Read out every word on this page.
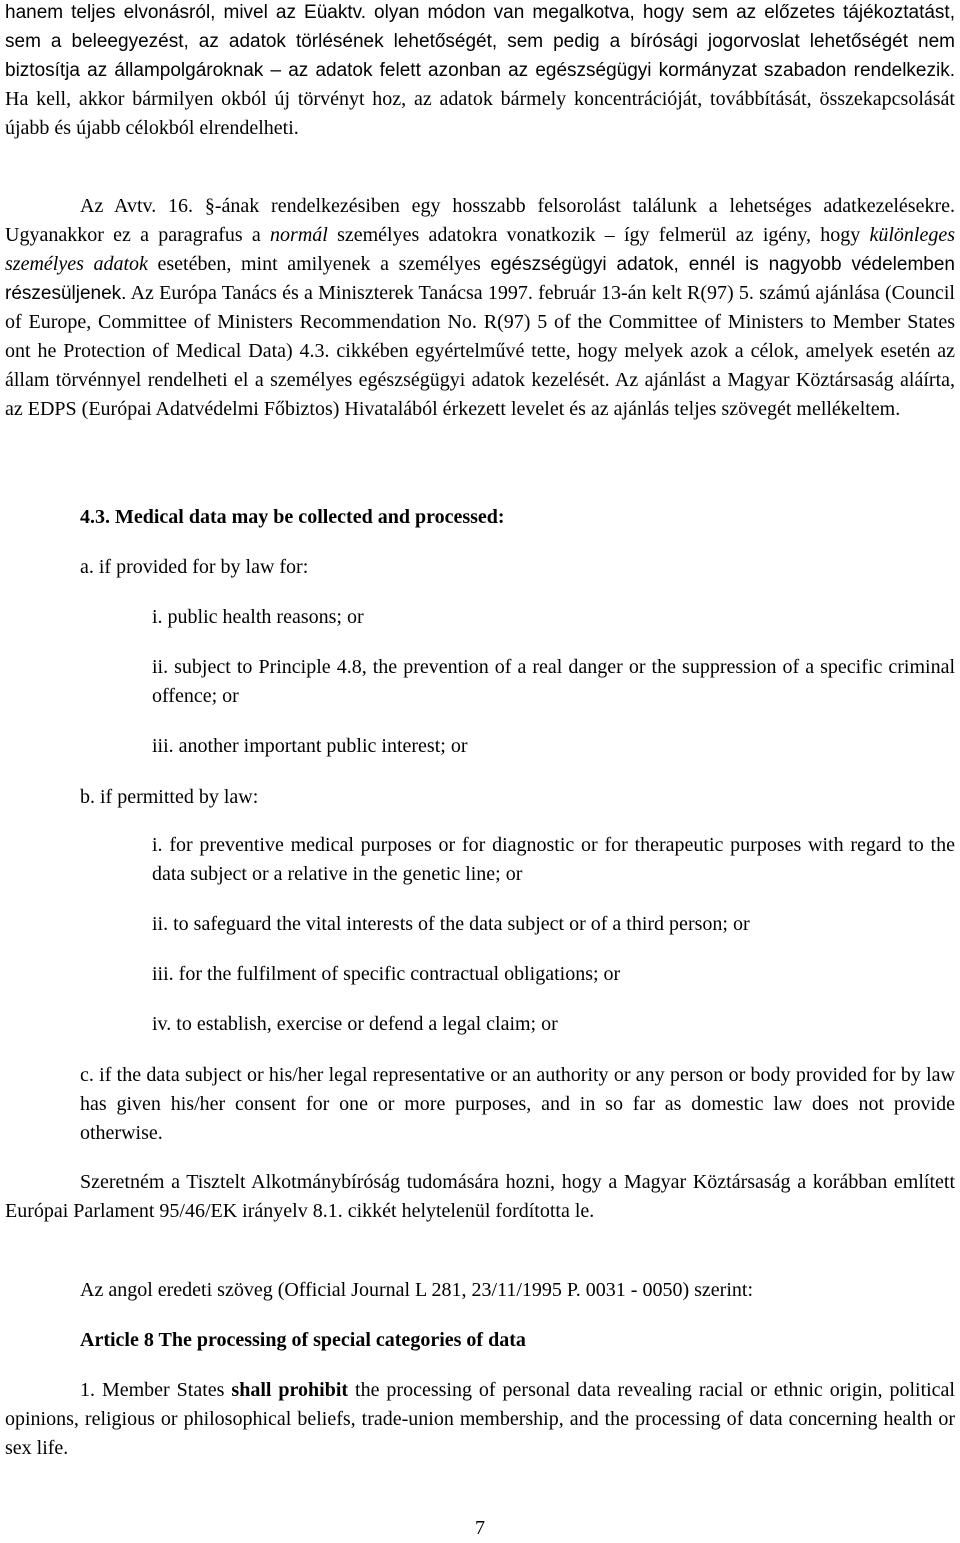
hanem teljes elvonásról, mivel az Eüaktv. olyan módon van megalkotva, hogy sem az előzetes tájékoztatást, sem a beleegyezést, az adatok törlésének lehetőségét, sem pedig a bírósági jogorvoslat lehetőségét nem biztosítja az állampolgároknak – az adatok felett azonban az egészségügyi kormányzat szabadon rendelkezik. Ha kell, akkor bármilyen okból új törvényt hoz, az adatok bármely koncentrációját, továbbítását, összekapcsolását újabb és újabb célokból elrendelheti.

Az Avtv. 16. §-ának rendelkezésiben egy hosszabb felsorolást találunk a lehetséges adatkezelésekre. Ugyanakkor ez a paragrafus a normál személyes adatokra vonatkozik – így felmerül az igény, hogy különleges személyes adatok esetében, mint amilyenek a személyes egészségügyi adatok, ennél is nagyobb védelemben részesüljenek. Az Európa Tanács és a Miniszterek Tanácsa 1997. február 13-án kelt R(97) 5. számú ajánlása (Council of Europe, Committee of Ministers Recommendation No. R(97) 5 of the Committee of Ministers to Member States ont he Protection of Medical Data) 4.3. cikkében egyértelművé tette, hogy melyek azok a célok, amelyek esetén az állam törvénnyel rendelheti el a személyes egészségügyi adatok kezelését. Az ajánlást a Magyar Köztársaság aláírta, az EDPS (Európai Adatvédelmi Főbiztos) Hivatalából érkezett levelet és az ajánlás teljes szövegét mellékeltem.

4.3. Medical data may be collected and processed:

a. if provided for by law for:

i. public health reasons; or

ii. subject to Principle 4.8, the prevention of a real danger or the suppression of a specific criminal offence; or

iii. another important public interest; or

b. if permitted by law:

i. for preventive medical purposes or for diagnostic or for therapeutic purposes with regard to the data subject or a relative in the genetic line; or

ii. to safeguard the vital interests of the data subject or of a third person; or

iii. for the fulfilment of specific contractual obligations; or

iv. to establish, exercise or defend a legal claim; or

c. if the data subject or his/her legal representative or an authority or any person or body provided for by law has given his/her consent for one or more purposes, and in so far as domestic law does not provide otherwise.

Szeretném a Tisztelt Alkotmánybíróság tudomására hozni, hogy a Magyar Köztársaság a korábban említett Európai Parlament 95/46/EK irányelv 8.1. cikkét helytelenül fordította le.

Az angol eredeti szöveg (Official Journal L 281, 23/11/1995 P. 0031 - 0050) szerint:

Article 8 The processing of special categories of data

1. Member States shall prohibit the processing of personal data revealing racial or ethnic origin, political opinions, religious or philosophical beliefs, trade-union membership, and the processing of data concerning health or sex life.

7
